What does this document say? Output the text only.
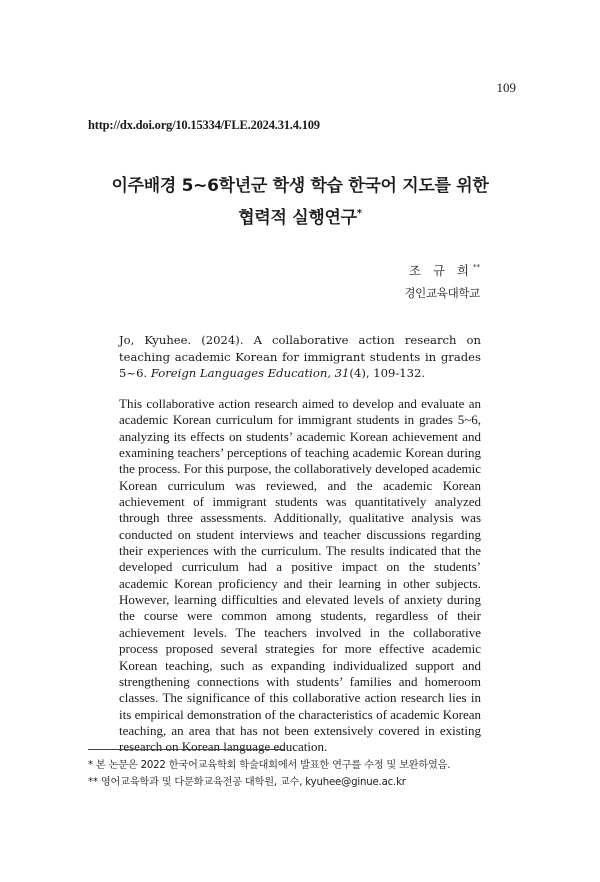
109
http://dx.doi.org/10.15334/FLE.2024.31.4.109
이주배경 5~6학년군 학생 학습 한국어 지도를 위한
협력적 실행연구*
조 규 희**
경인교육대학교
Jo, Kyuhee. (2024). A collaborative action research on teaching academic Korean for immigrant students in grades 5~6. Foreign Languages Education, 31(4), 109-132.
This collaborative action research aimed to develop and evaluate an academic Korean curriculum for immigrant students in grades 5~6, analyzing its effects on students’ academic Korean achievement and examining teachers’ perceptions of teaching academic Korean during the process. For this purpose, the collaboratively developed academic Korean curriculum was reviewed, and the academic Korean achievement of immigrant students was quantitatively analyzed through three assessments. Additionally, qualitative analysis was conducted on student interviews and teacher discussions regarding their experiences with the curriculum. The results indicated that the developed curriculum had a positive impact on the students’ academic Korean proficiency and their learning in other subjects. However, learning difficulties and elevated levels of anxiety during the course were common among students, regardless of their achievement levels. The teachers involved in the collaborative process proposed several strategies for more effective academic Korean teaching, such as expanding individualized support and strengthening connections with students’ families and homeroom classes. The significance of this collaborative action research lies in its empirical demonstration of the characteristics of academic Korean teaching, an area that has not been extensively covered in existing research on Korean language education.
* 본 논문은 2022 한국어교육학회 학술대회에서 발표한 연구를 수정 및 보완하였음.
** 영어교육학과 및 다문화교육전공 대학원, 교수, kyuhee@ginue.ac.kr
